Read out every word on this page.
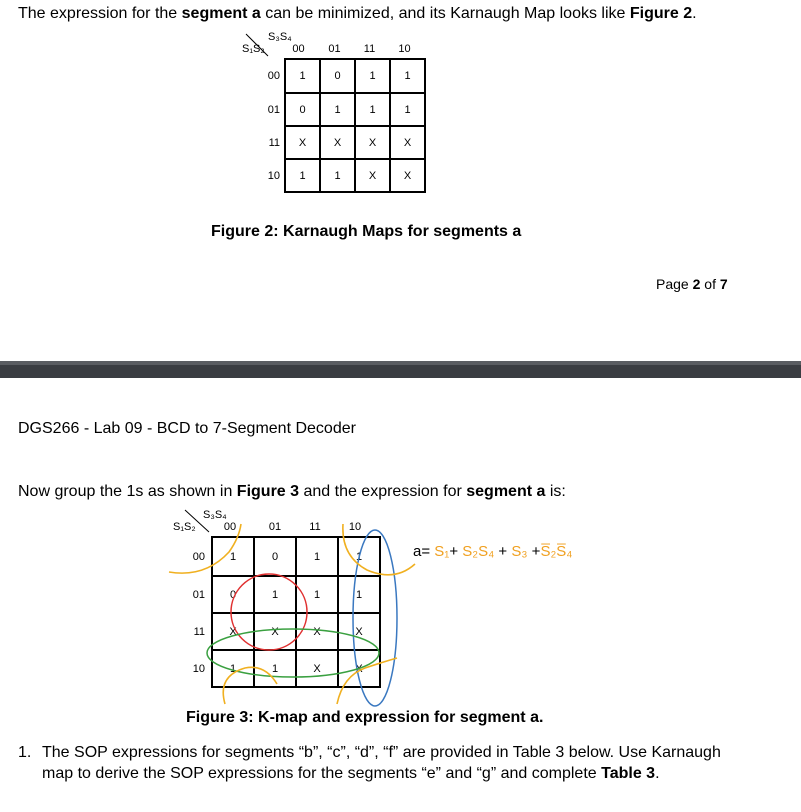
The expression for the segment a can be minimized, and its Karnaugh Map looks like Figure 2.
S₃S₄
S₁S₂	00	01	11	10
00	1	0	1	1
01	0	1	1	1
11	X	X	X	X
10	1	1	X	X
Figure 2: Karnaugh Maps for segments a
Page 2 of 7
DGS266 - Lab 09 - BCD to 7-Segment Decoder
Now group the 1s as shown in Figure 3 and the expression for segment a is:
S₃S₄
S₁S₂	00	01	11	10
00	1	0	1	1
01	0	1	1	1
11	X	X	X	X
10	1	1	X	X
a= S₁+ S₂S₄ + S₃ +S̅₂S̅₄
Figure 3: K-map and expression for segment a.
1. The SOP expressions for segments “b”, “c”, “d”, “f” are provided in Table 3 below. Use Karnaugh map to derive the SOP expressions for the segments “e” and “g” and complete Table 3.
